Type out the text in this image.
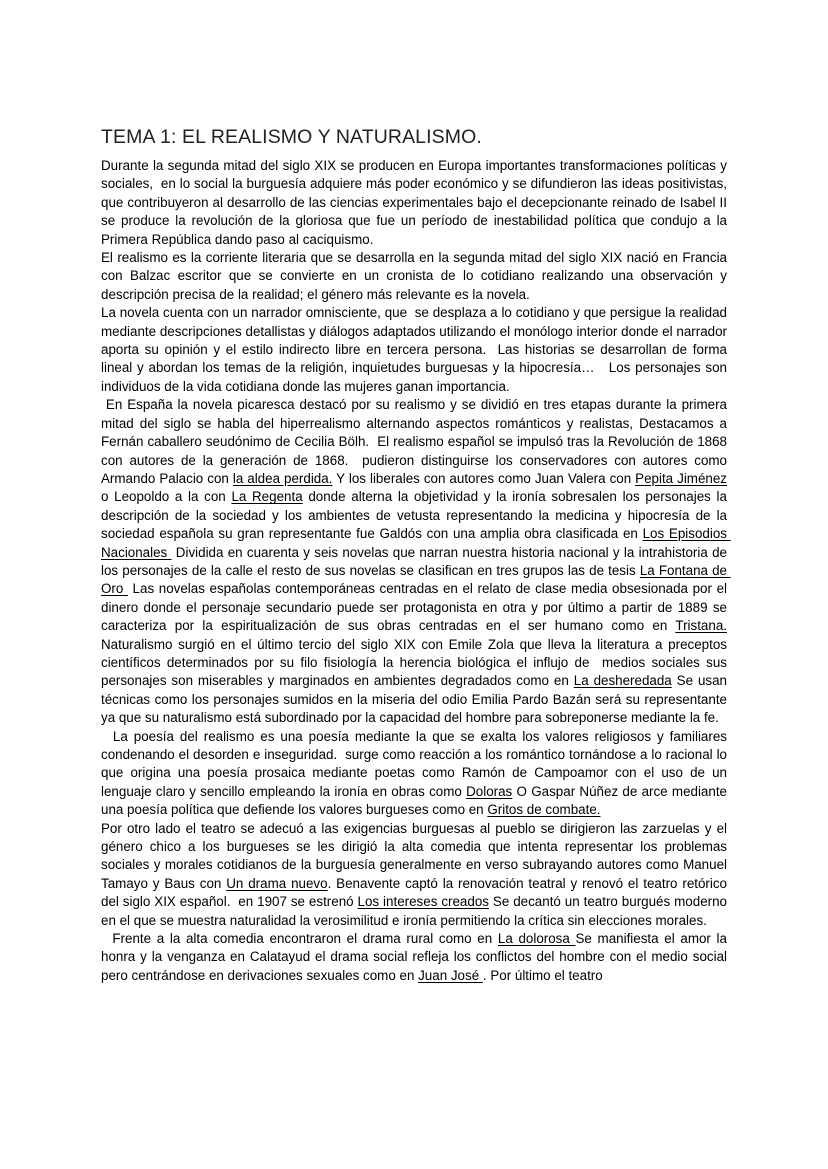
TEMA 1: EL REALISMO Y NATURALISMO.

Durante la segunda mitad del siglo XIX se producen en Europa importantes transformaciones políticas y sociales,  en lo social la burguesía adquiere más poder económico y se difundieron las ideas positivistas,   que contribuyeron al desarrollo de las ciencias experimentales bajo el decepcionante reinado de Isabel II se produce la revolución de la gloriosa que fue un período de inestabilidad política que condujo a la Primera República dando paso al caciquismo.

El realismo es la corriente literaria que se desarrolla en la segunda mitad del siglo XIX nació en Francia con Balzac escritor que se convierte en un cronista de lo cotidiano realizando una observación y descripción precisa de la realidad; el género más relevante es la novela.

La novela cuenta con un narrador omnisciente, que  se desplaza a lo cotidiano y que persigue la realidad mediante descripciones detallistas y diálogos adaptados utilizando el monólogo interior donde el narrador aporta su opinión y el estilo indirecto libre en tercera persona.  Las historias se desarrollan de forma lineal y abordan los temas de la religión, inquietudes burguesas y la hipocresía…   Los personajes son individuos de la vida cotidiana donde las mujeres ganan importancia.

En España la novela picaresca destacó por su realismo y se dividió en tres etapas durante la primera mitad del siglo se habla del hiperrealismo alternando aspectos románticos y realistas, Destacamos a Fernán caballero seudónimo de Cecilia Bölh.  El realismo español se impulsó tras la Revolución de 1868 con autores de la generación de 1868.  pudieron distinguirse los conservadores con autores como Armando Palacio con la aldea perdida. Y los liberales con autores como Juan Valera con Pepita Jiménez o Leopoldo a la con La Regenta donde alterna la objetividad y la ironía sobresalen los personajes la descripción de la sociedad y los ambientes de vetusta representando la medicina y hipocresía de la sociedad española su gran representante fue Galdós con una amplia obra clasificada en Los Episodios Nacionales  Dividida en cuarenta y seis novelas que narran nuestra historia nacional y la intrahistoria de los personajes de la calle el resto de sus novelas se clasifican en tres grupos las de tesis La Fontana de Oro  Las novelas españolas contemporáneas centradas en el relato de clase media obsesionada por el dinero donde el personaje secundario puede ser protagonista en otra y por último a partir de 1889 se caracteriza por la espiritualización de sus obras centradas en el ser humano como en Tristana. Naturalismo surgió en el último tercio del siglo XIX con Emile Zola que lleva la literatura a preceptos científicos determinados por su filo fisiología la herencia biológica el influjo de  medios sociales sus personajes son miserables y marginados en ambientes degradados como en La desheredada Se usan técnicas como los personajes sumidos en la miseria del odio Emilia Pardo Bazán será su representante ya que su naturalismo está subordinado por la capacidad del hombre para sobreponerse mediante la fe.

La poesía del realismo es una poesía mediante la que se exalta los valores religiosos y familiares condenando el desorden e inseguridad.  surge como reacción a los romántico tornándose a lo racional lo que origina una poesía prosaica mediante poetas como Ramón de Campoamor con el uso de un lenguaje claro y sencillo empleando la ironía en obras como Doloras O Gaspar Núñez de arce mediante una poesía política que defiende los valores burgueses como en Gritos de combate.

Por otro lado el teatro se adecuó a las exigencias burguesas al pueblo se dirigieron las zarzuelas y el género chico a los burgueses se les dirigió la alta comedia que intenta representar los problemas sociales y morales cotidianos de la burguesía generalmente en verso subrayando autores como Manuel Tamayo y Baus con Un drama nuevo. Benavente captó la renovación teatral y renovó el teatro retórico del siglo XIX español.  en 1907 se estrenó Los intereses creados Se decantó un teatro burgués moderno en el que se muestra naturalidad la verosimilitud e ironía permitiendo la crítica sin elecciones morales.

Frente a la alta comedia encontraron el drama rural como en La dolorosa Se manifiesta el amor la honra y la venganza en Calatayud el drama social refleja los conflictos del hombre con el medio social pero centrándose en derivaciones sexuales como en Juan José . Por último el teatro
